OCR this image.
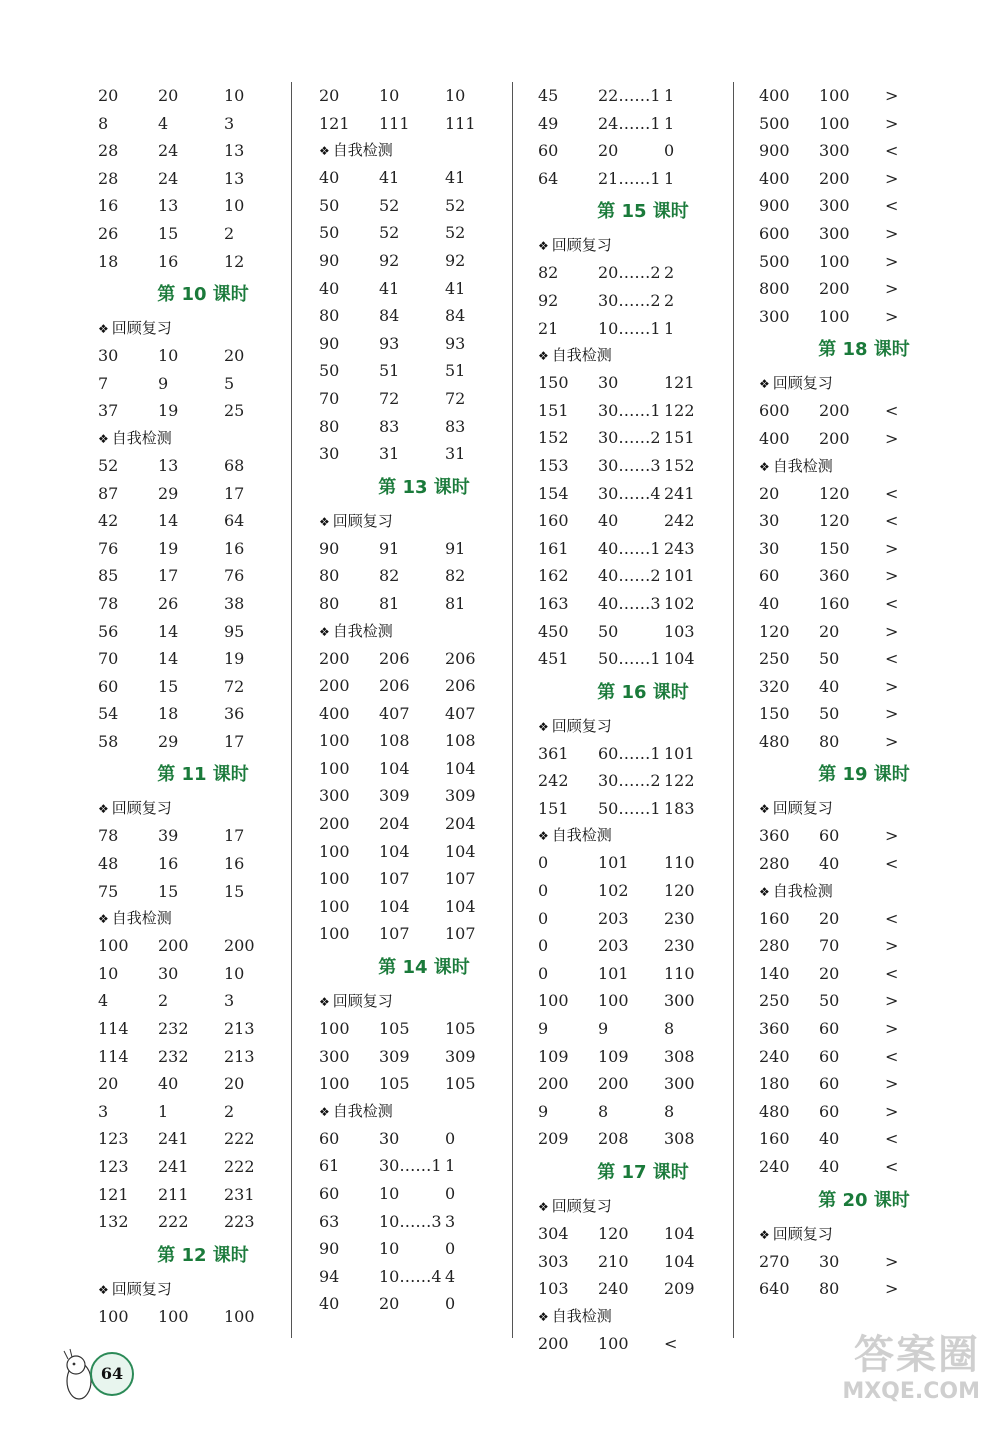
20 20	10
8	4	3
28 24	13
28 24	13
16 13	10
26 15	2
18 16	12
第 10 课时
❖ 回顾复习
30 10	20
7	9	5
37 19	25
❖ 自我检测
52 13	68
87 29	17
42 14	64
76 19	16
85 17	76
78 26	38
56 14	95
70 14	19
60 15	72
54 18	36
58 29	17
第 11 课时
❖ 回顾复习
78 39	17
48 16	16
75 15	15
❖ 自我检测
100 200 200
10 30	10
4	2	3
114 232 213
114 232 213
20 40	20
3	1	2
123 241 222
123 241 222
121 211 231
132 222 223
第 12 课时
❖ 回顾复习
100 100 100
20 10	10
121 111 111
❖ 自我检测
40 41	41
50 52	52
50 52	52
90 92	92
40 41	41
80 84	84
90 93	93
50 51	51
70 72	72
80 83	83
30 31	31
第 13 课时
❖ 回顾复习
90 91	91
80 82	82
80 81	81
❖ 自我检测
200 206 206
200 206 206
400 407 407
100 108 108
100 104 104
300 309 309
200 204 204
100 104 104
100 107 107
100 104 104
100 107 107
第 14 课时
❖ 回顾复习
100 105 105
300 309 309
100 105 105
❖ 自我检测
60 30	0
61 30……1 1
60 10	0
63 10……3 3
90 10	0
94 10……4 4
40 20	0
45 22……1 1
49 24……1 1
60 20	0
64 21……1 1
第 15 课时
❖ 回顾复习
82 20……2 2
92 30……2 2
21 10……1 1
❖ 自我检测
150 30	121
151 30……1 122
152 30……2 151
153 30……3 152
154 30……4 241
160 40	242
161 40……1 243
162 40……2 101
163 40……3 102
450 50	103
451 50……1 104
第 16 课时
❖ 回顾复习
361 60……1 101
242 30……2 122
151 50……1 183
❖ 自我检测
0	101 110
0	102 120
0	203 230
0	203 230
0	101 110
100 100 300
9	9	8
109 109 308
200 200 300
9	8	8
209 208 308
第 17 课时
❖ 回顾复习
304 120 104
303 210 104
103 240 209
❖ 自我检测
200 100 <
400 100 >
500 100 >
900 300 <
400 200 >
900 300 <
600 300 >
500 100 >
800 200 >
300 100 >
第 18 课时
❖ 回顾复习
600 200 <
400 200 >
❖ 自我检测
20 120 <
30 120 <
30 150 >
60 360 >
40 160 <
120 20	>
250 50	<
320 40	>
150 50	>
480 80	>
第 19 课时
❖ 回顾复习
360 60	>
280 40	<
❖ 自我检测
160 20	<
280 70	>
140 20	<
250 50	>
360 60	>
240 60	<
180 60	>
480 60	>
160 40	<
240 40	<
第 20 课时
❖ 回顾复习
270 30	>
640 80	>
64	答案圈
MXQE.COM
